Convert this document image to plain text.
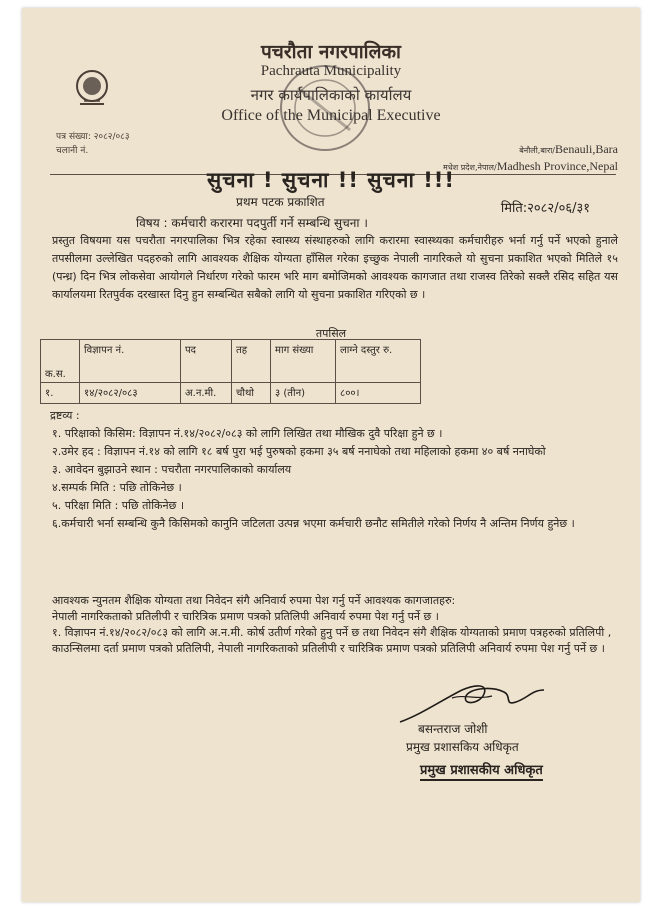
पचरौता नगरपालिका
Pachrauta Municipality
नगर कार्यपालिकाको कार्यालय
Office of the Municipal Executive
पत्र संख्या: २०८२/०८३
चलानी नं.	बेनौली,बारा/Benauli,Bara
मधेश प्रदेश,नेपाल/Madhesh Province,Nepal
सुचना ! सुचना !! सुचना !!!
प्रथम पटक प्रकाशित	मिति:२०८२/०६/३१
विषय : कर्मचारी करारमा पदपुर्ती गर्ने सम्बन्धि सुचना ।
प्रस्तुत विषयमा यस पचरौता नगरपालिका भित्र रहेका स्वास्थ्य संस्थाहरुको लागि करारमा स्वास्थ्यका कर्मचारीहरु भर्ना गर्नु पर्ने भएको हुनाले तपसीलमा उल्लेखित पदहरुको लागि आवश्यक शैक्षिक योग्यता हाँसिल गरेका इच्छुक नेपाली नागरिकले यो सुचना प्रकाशित भएको मितिले १५ (पन्ध्र) दिन भित्र लोकसेवा आयोगले निर्धारण गरेको फारम भरि माग बमोजिमको आवश्यक कागजात तथा राजस्व तिरेको सक्लै रसिद सहित यस कार्यालयमा रितपुर्वक दरखास्त दिनु हुन सम्बन्धित सबैको लागि यो सुचना प्रकाशित गरिएको छ ।
तपसिल
क.स.	विज्ञापन नं.	पद	तह	माग संख्या	लाग्ने दस्तुर रु.
१.	१४/२०८२/०८३	अ.न.मी.	चौथो	३ (तीन)	८००।
द्रष्टव्य :
१. परिक्षाको किसिम: विज्ञापन नं.१४/२०८२/०८३ को लागि लिखित तथा मौखिक दुवै परिक्षा हुने छ ।
२.उमेर हद : विज्ञापन नं.१४ को लागि १८ बर्ष पुरा भई पुरुषको हकमा ३५ बर्ष ननाघेको तथा महिलाको हकमा ४० बर्ष ननाघेको
३. आवेदन बुझाउने स्थान : पचरौता नगरपालिकाको कार्यालय
४.सम्पर्क मिति : पछि तोकिनेछ ।
५. परिक्षा मिति : पछि तोकिनेछ ।
६.कर्मचारी भर्ना सम्बन्धि कुनै किसिमको कानुनि जटिलता उत्पन्न भएमा कर्मचारी छनौट समितीले गरेको निर्णय नै अन्तिम निर्णय हुनेछ ।
आवश्यक न्युनतम शैक्षिक योग्यता तथा निवेदन संगै अनिवार्य रुपमा पेश गर्नु पर्ने आवश्यक कागजातहरु:
नेपाली नागरिकताको प्रतिलीपी र चारित्रिक प्रमाण पत्रको प्रतिलिपी अनिवार्य रुपमा पेश गर्नु पर्ने छ ।
१. विज्ञापन नं.१४/२०८२/०८३ को लागि अ.न.मी. कोर्ष उतीर्ण गरेको हुनु पर्ने छ तथा निवेदन संगै शैक्षिक योग्यताको प्रमाण पत्रहरुको प्रतिलिपी , काउन्सिलमा दर्ता प्रमाण पत्रको प्रतिलिपी, नेपाली नागरिकताको प्रतिलीपी र चारित्रिक प्रमाण पत्रको प्रतिलिपी अनिवार्य रुपमा पेश गर्नु पर्ने छ ।
बसन्तराज जोशी
प्रमुख प्रशासकिय अधिकृत
प्रमुख प्रशासकीय अधिकृत
